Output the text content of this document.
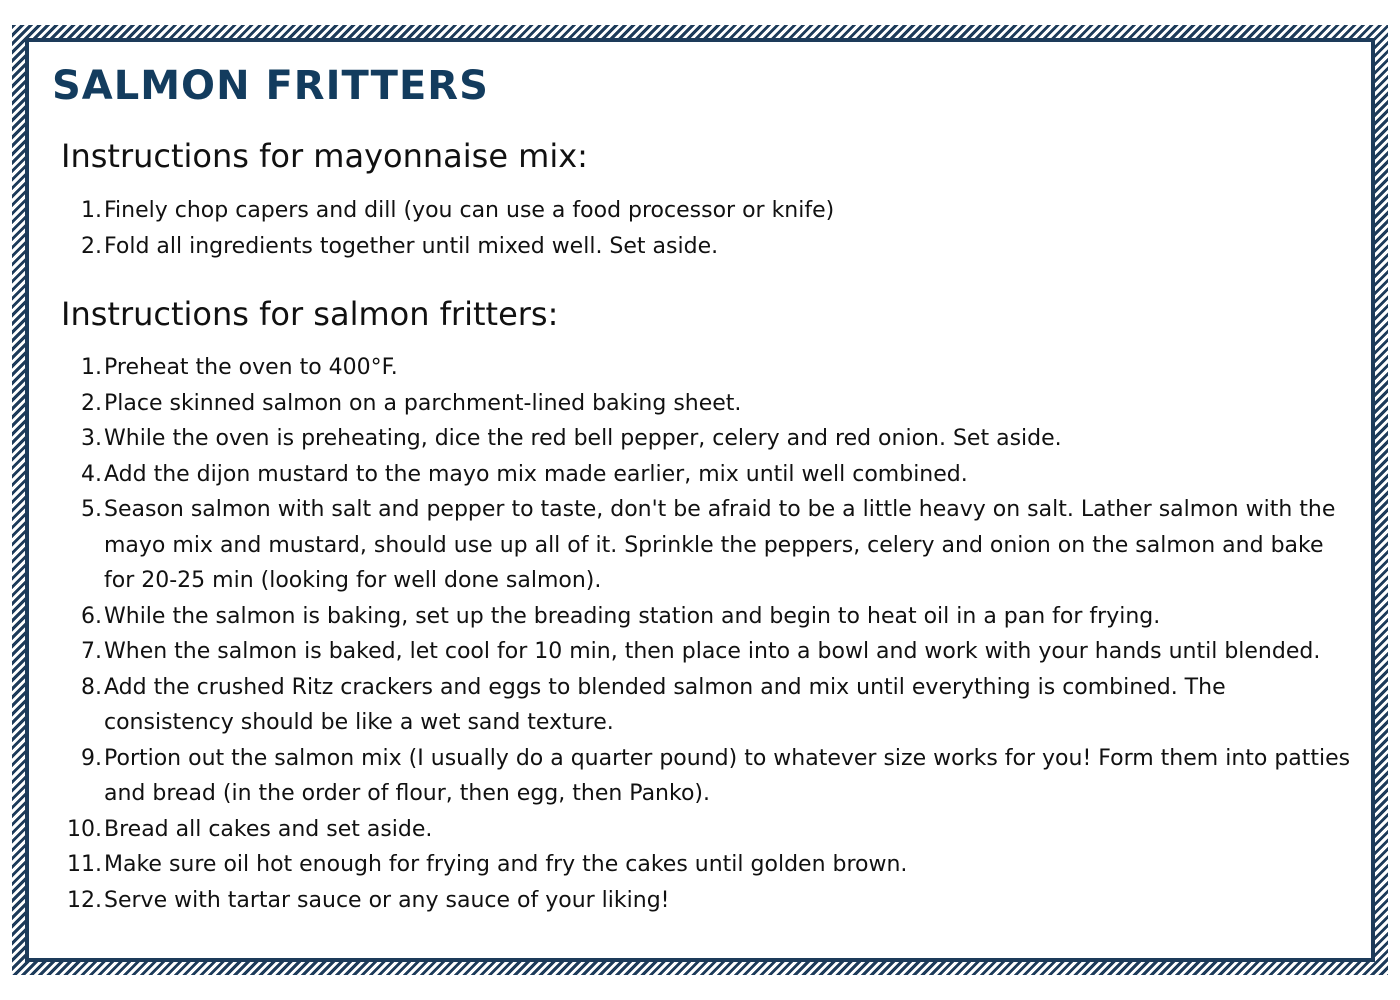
SALMON FRITTERS
Instructions for mayonnaise mix:
1. Finely chop capers and dill (you can use a food processor or knife)
2. Fold all ingredients together until mixed well. Set aside.
Instructions for salmon fritters:
1. Preheat the oven to 400°F.
2. Place skinned salmon on a parchment-lined baking sheet.
3. While the oven is preheating, dice the red bell pepper, celery and red onion. Set aside.
4. Add the dijon mustard to the mayo mix made earlier, mix until well combined.
5. Season salmon with salt and pepper to taste, don't be afraid to be a little heavy on salt. Lather salmon with the mayo mix and mustard, should use up all of it. Sprinkle the peppers, celery and onion on the salmon and bake for 20-25 min (looking for well done salmon).
6. While the salmon is baking, set up the breading station and begin to heat oil in a pan for frying.
7. When the salmon is baked, let cool for 10 min, then place into a bowl and work with your hands until blended.
8. Add the crushed Ritz crackers and eggs to blended salmon and mix until everything is combined. The consistency should be like a wet sand texture.
9. Portion out the salmon mix (I usually do a quarter pound) to whatever size works for you! Form them into patties and bread (in the order of flour, then egg, then Panko).
10. Bread all cakes and set aside.
11. Make sure oil hot enough for frying and fry the cakes until golden brown.
12. Serve with tartar sauce or any sauce of your liking!
